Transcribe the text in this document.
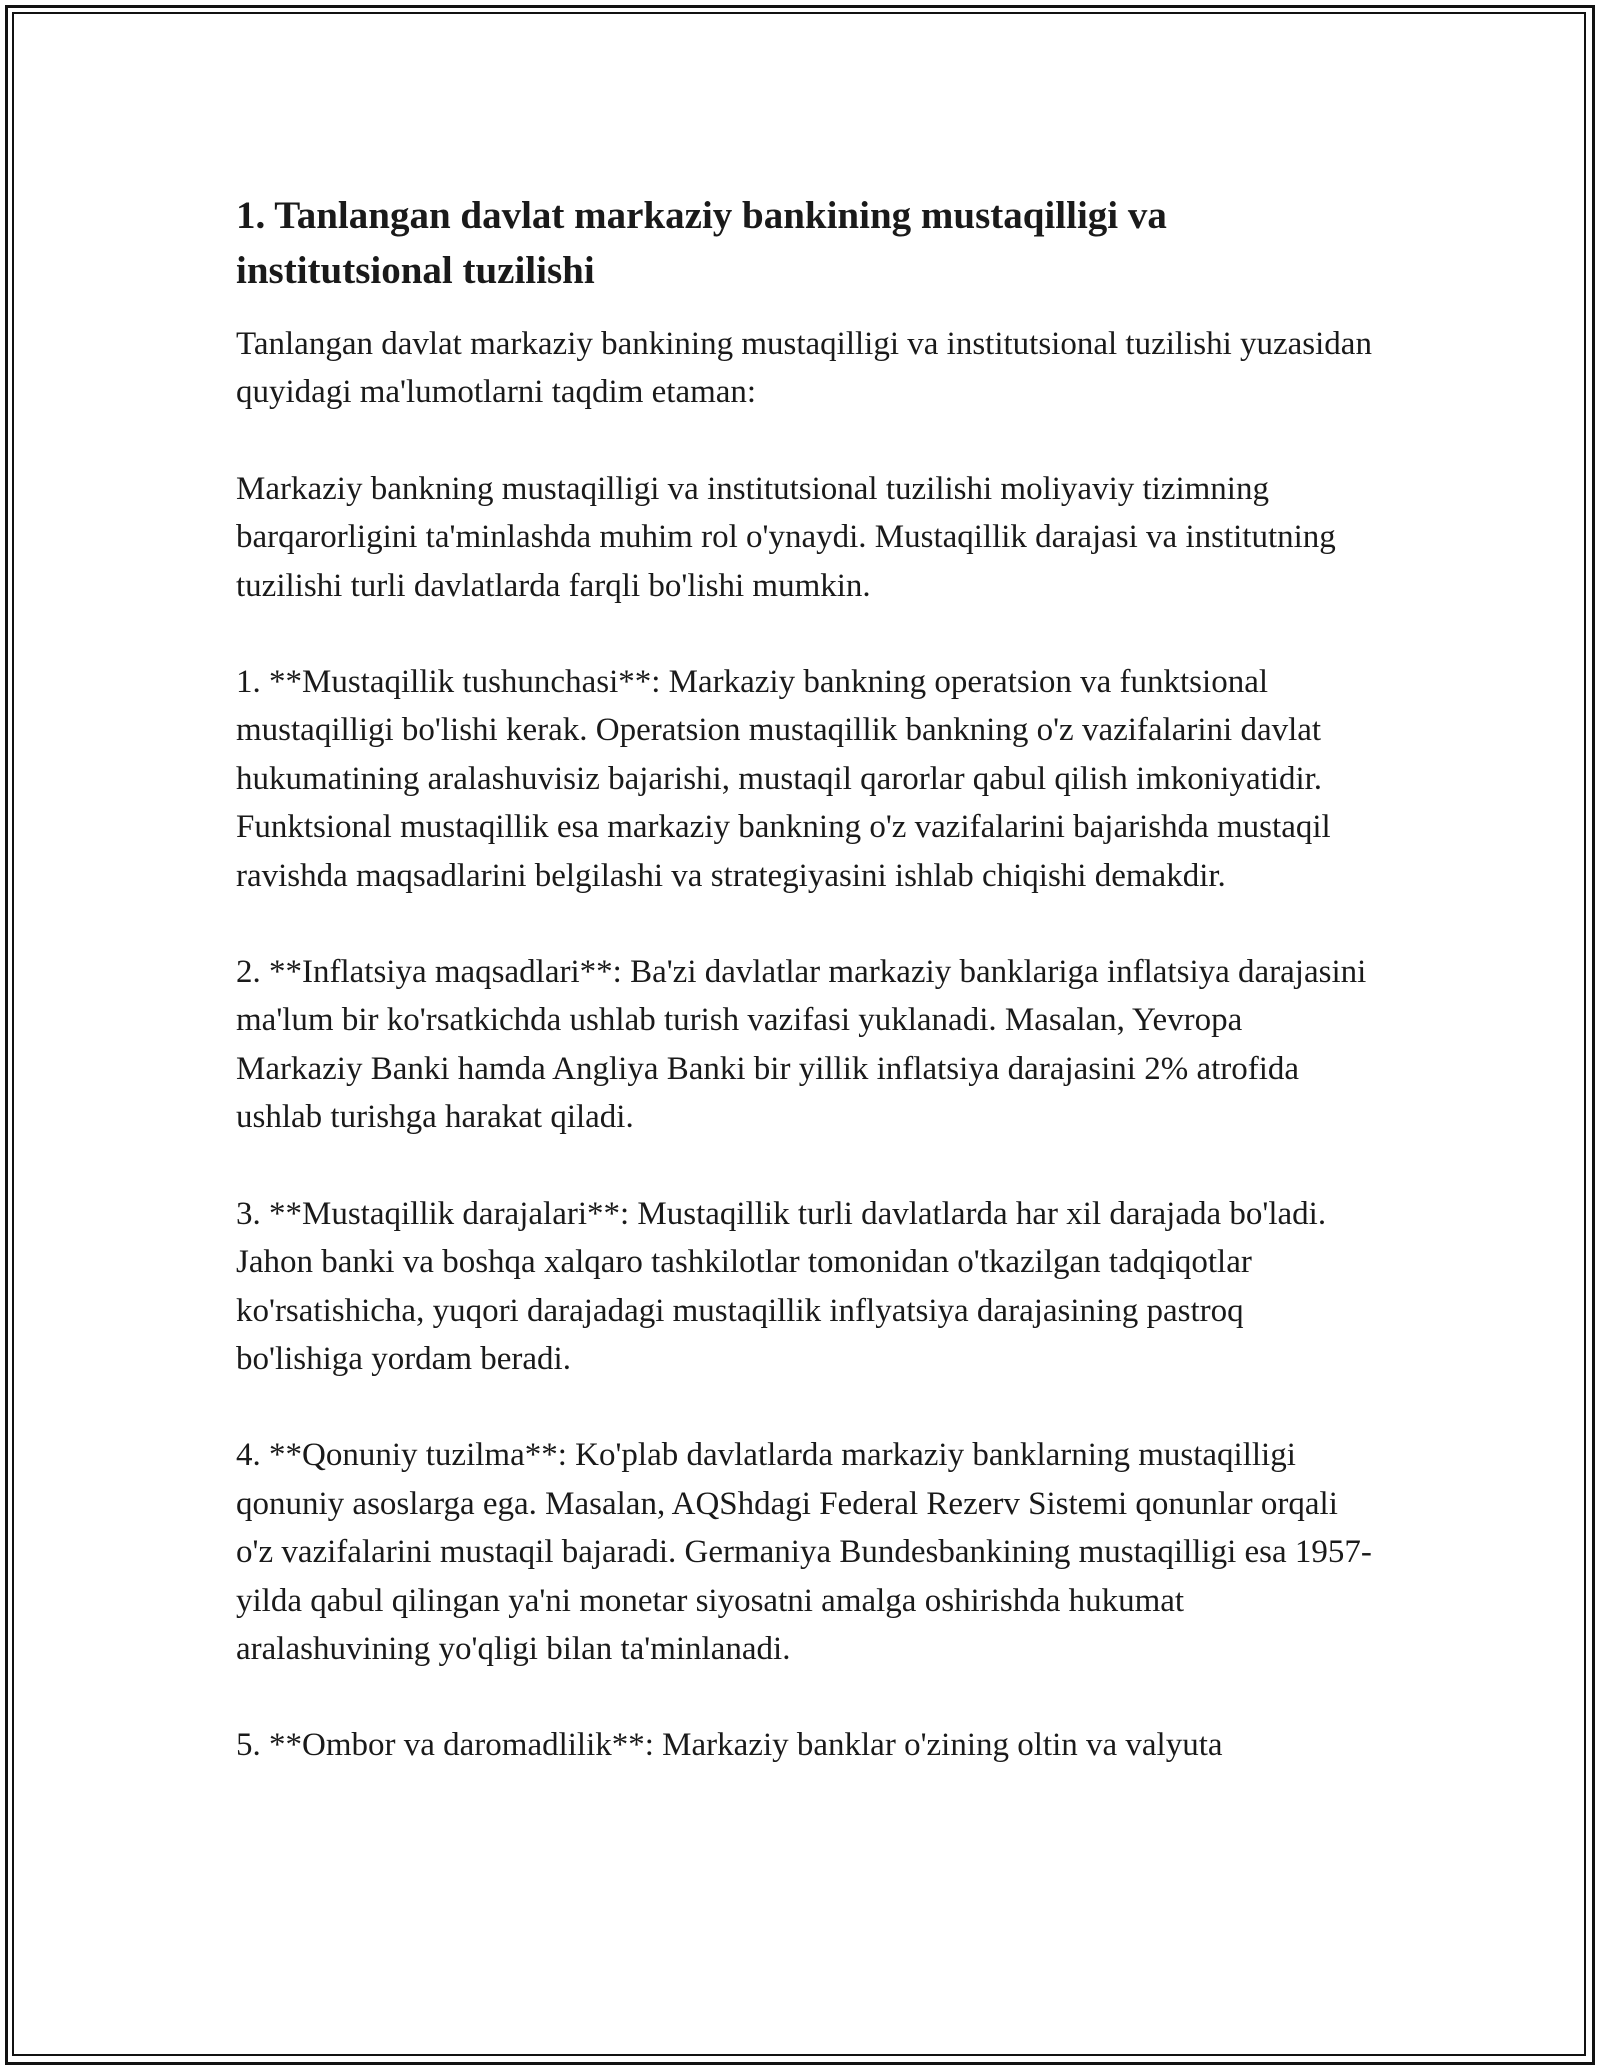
1. Tanlangan davlat markaziy bankining mustaqilligi va institutsional tuzilishi

Tanlangan davlat markaziy bankining mustaqilligi va institutsional tuzilishi yuzasidan quyidagi ma'lumotlarni taqdim etaman:

Markaziy bankning mustaqilligi va institutsional tuzilishi moliyaviy tizimning barqarorligini ta'minlashda muhim rol o'ynaydi. Mustaqillik darajasi va institutning tuzilishi turli davlatlarda farqli bo'lishi mumkin.

1. **Mustaqillik tushunchasi**: Markaziy bankning operatsion va funktsional mustaqilligi bo'lishi kerak. Operatsion mustaqillik bankning o'z vazifalarini davlat hukumatining aralashuvisiz bajarishi, mustaqil qarorlar qabul qilish imkoniyatidir. Funktsional mustaqillik esa markaziy bankning o'z vazifalarini bajarishda mustaqil ravishda maqsadlarini belgilashi va strategiyasini ishlab chiqishi demakdir.

2. **Inflatsiya maqsadlari**: Ba'zi davlatlar markaziy banklariga inflatsiya darajasini ma'lum bir ko'rsatkichda ushlab turish vazifasi yuklanadi. Masalan, Yevropa Markaziy Banki hamda Angliya Banki bir yillik inflatsiya darajasini 2% atrofida ushlab turishga harakat qiladi.

3. **Mustaqillik darajalari**: Mustaqillik turli davlatlarda har xil darajada bo'ladi. Jahon banki va boshqa xalqaro tashkilotlar tomonidan o'tkazilgan tadqiqotlar ko'rsatishicha, yuqori darajadagi mustaqillik inflyatsiya darajasining pastroq bo'lishiga yordam beradi.

4. **Qonuniy tuzilma**: Ko'plab davlatlarda markaziy banklarning mustaqilligi qonuniy asoslarga ega. Masalan, AQShdagi Federal Rezerv Sistemi qonunlar orqali o'z vazifalarini mustaqil bajaradi. Germaniya Bundesbankining mustaqilligi esa 1957-yilda qabul qilingan ya'ni monetar siyosatni amalga oshirishda hukumat aralashuvining yo'qligi bilan ta'minlanadi.

5. **Ombor va daromadlilik**: Markaziy banklar o'zining oltin va valyuta
